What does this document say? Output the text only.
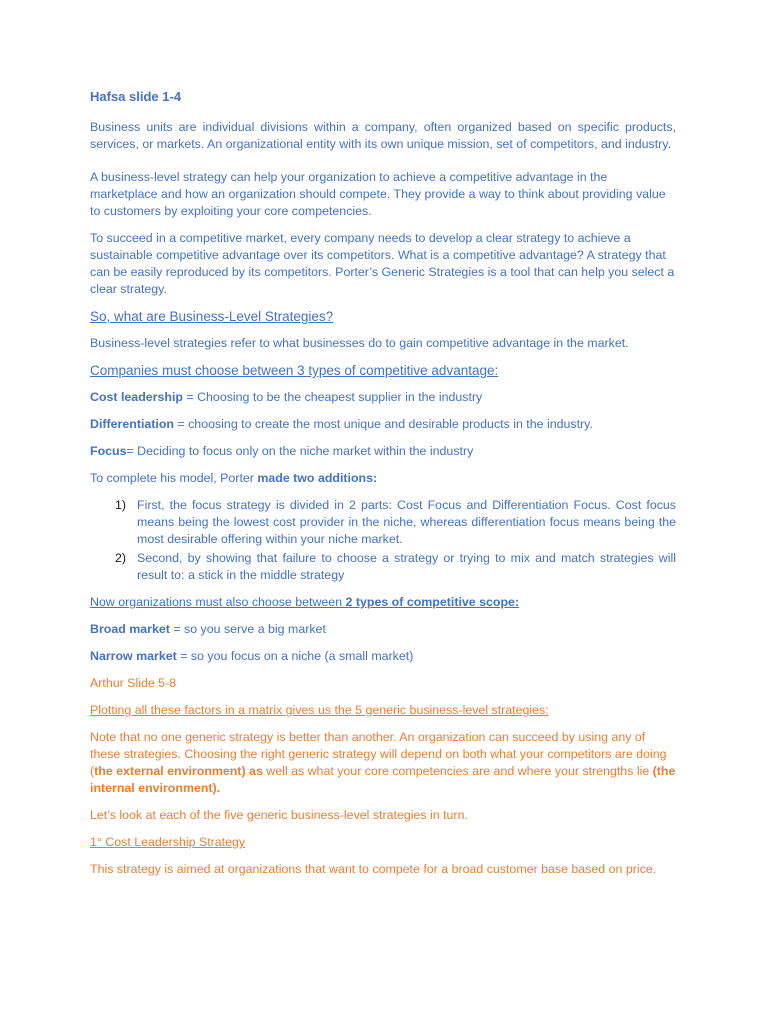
Hafsa slide 1-4

Business units are individual divisions within a company, often organized based on specific products, services, or markets. An organizational entity with its own unique mission, set of competitors, and industry.

A business-level strategy can help your organization to achieve a competitive advantage in the marketplace and how an organization should compete. They provide a way to think about providing value to customers by exploiting your core competencies.

To succeed in a competitive market, every company needs to develop a clear strategy to achieve a sustainable competitive advantage over its competitors. What is a competitive advantage? A strategy that can be easily reproduced by its competitors. Porter’s Generic Strategies is a tool that can help you select a clear strategy.

So, what are Business-Level Strategies?

Business-level strategies refer to what businesses do to gain competitive advantage in the market.

Companies must choose between 3 types of competitive advantage:

Cost leadership = Choosing to be the cheapest supplier in the industry

Differentiation = choosing to create the most unique and desirable products in the industry.

Focus= Deciding to focus only on the niche market within the industry

To complete his model, Porter made two additions:

1) First, the focus strategy is divided in 2 parts: Cost Focus and Differentiation Focus. Cost focus means being the lowest cost provider in the niche, whereas differentiation focus means being the most desirable offering within your niche market.
2) Second, by showing that failure to choose a strategy or trying to mix and match strategies will result to: a stick in the middle strategy

Now organizations must also choose between 2 types of competitive scope:

Broad market = so you serve a big market

Narrow market = so you focus on a niche (a small market)

Arthur Slide 5-8

Plotting all these factors in a matrix gives us the 5 generic business-level strategies:

Note that no one generic strategy is better than another. An organization can succeed by using any of these strategies. Choosing the right generic strategy will depend on both what your competitors are doing (the external environment) as well as what your core competencies are and where your strengths lie (the internal environment).

Let’s look at each of the five generic business-level strategies in turn.

1° Cost Leadership Strategy

This strategy is aimed at organizations that want to compete for a broad customer base based on price.
